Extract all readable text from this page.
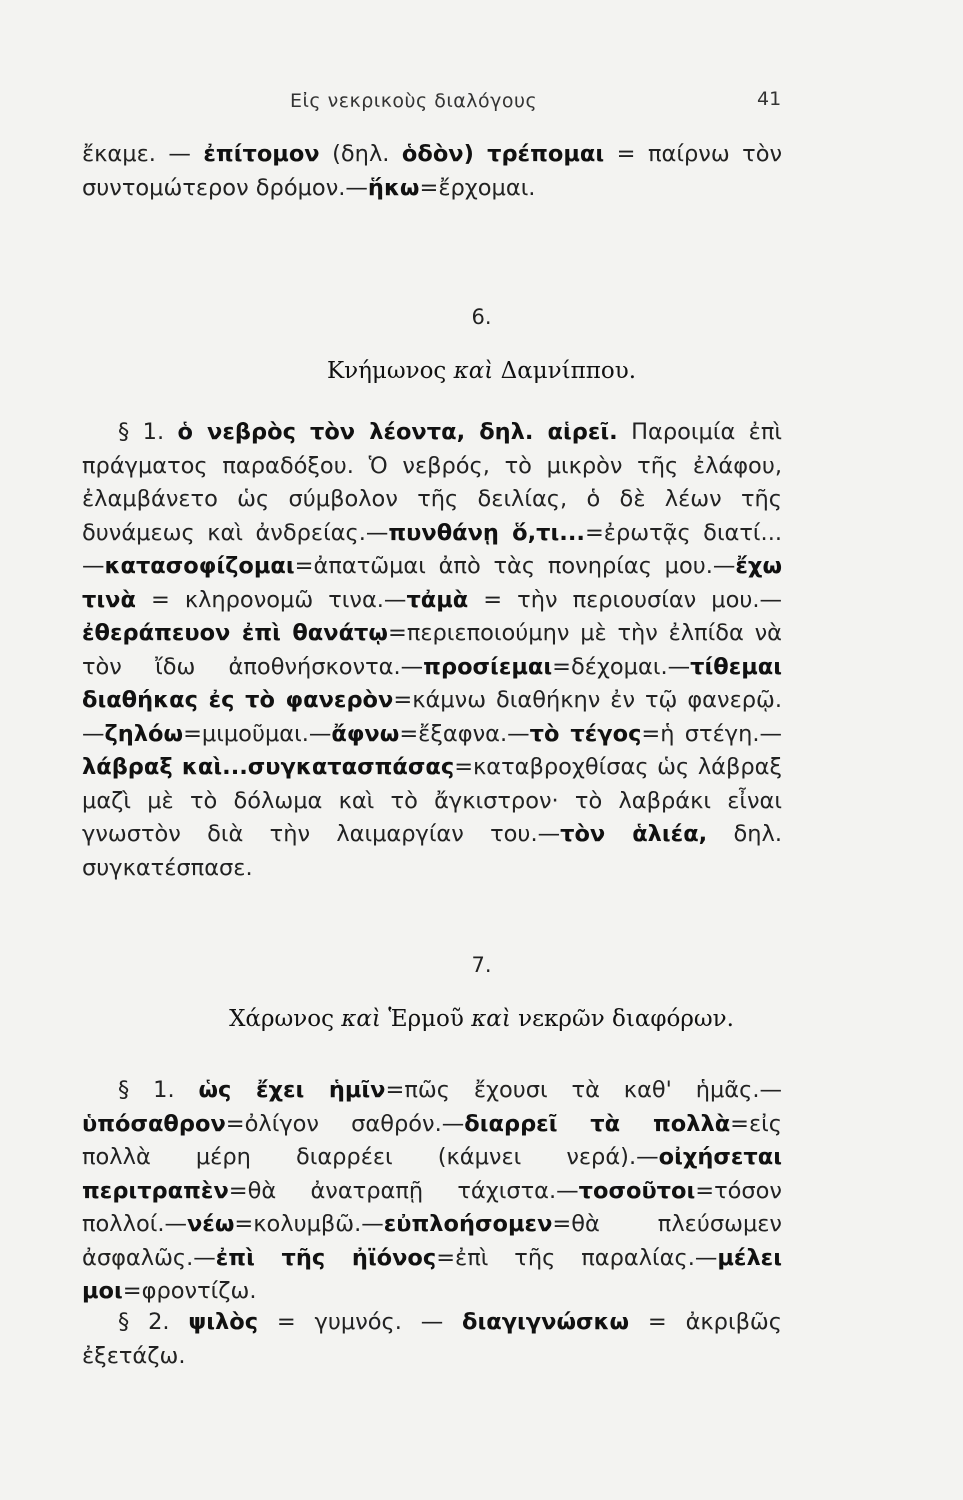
Εἰς νεκρικοὺς διαλόγους	41
ἔκαμε. — ἐπίτομον (δηλ. ὁδὸν) τρέπομαι = παίρνω τὸν συντομώτερον δρόμον.—ἥκω=ἔρχομαι.
6.
Κνήμωνος καὶ Δαμνίππου.
§ 1. ὁ νεβρὸς τὸν λέοντα, δηλ. αἱρεῖ. Παροιμία ἐπὶ πράγματος παραδόξου. Ὁ νεβρός, τὸ μικρὸν τῆς ἐλάφου, ἐλαμβάνετο ὡς σύμβολον τῆς δειλίας, ὁ δὲ λέων τῆς δυνάμεως καὶ ἀνδρείας.—πυνθάνῃ ὅ,τι...=ἐρωτᾷς διατί...—κατασοφίζομαι=ἀπατῶμαι ἀπὸ τὰς πονηρίας μου.—ἔχω τινὰ = κληρονομῶ τινα.—τἀμὰ = τὴν περιουσίαν μου.—ἐθεράπευον ἐπὶ θανάτῳ=περιεποιούμην μὲ τὴν ἐλπίδα νὰ τὸν ἴδω ἀποθνήσκοντα.—προσίεμαι=δέχομαι.—τίθεμαι διαθήκας ἐς τὸ φανερὸν=κάμνω διαθήκην ἐν τῷ φανερῷ.—ζηλόω=μιμοῦμαι.—ἄφνω=ἔξαφνα.—τὸ τέγος=ἡ στέγη.—λάβραξ καὶ...συγκατασπάσας=καταβροχθίσας ὡς λάβραξ μαζὶ μὲ τὸ δόλωμα καὶ τὸ ἄγκιστρον· τὸ λαβράκι εἶναι γνωστὸν διὰ τὴν λαιμαργίαν του.—τὸν ἁλιέα, δηλ. συγκατέσπασε.
7.
Χάρωνος καὶ Ἑρμοῦ καὶ νεκρῶν διαφόρων.
§ 1. ὡς ἔχει ἡμῖν=πῶς ἔχουσι τὰ καθ' ἡμᾶς.—ὑπόσαθρον=ὀλίγον σαθρόν.—διαρρεῖ τὰ πολλὰ=εἰς πολλὰ μέρη διαρρέει (κάμνει νερά).—οἰχήσεται περιτραπὲν=θὰ ἀνατραπῇ τάχιστα.—τοσοῦτοι=τόσον πολλοί.—νέω=κολυμβῶ.—εὐπλοήσομεν=θὰ πλεύσωμεν ἀσφαλῶς.—ἐπὶ τῆς ἠϊόνος=ἐπὶ τῆς παραλίας.—μέλει μοι=φροντίζω.
§ 2. ψιλὸς = γυμνός. — διαγιγνώσκω = ἀκριβῶς ἐξετάζω.
